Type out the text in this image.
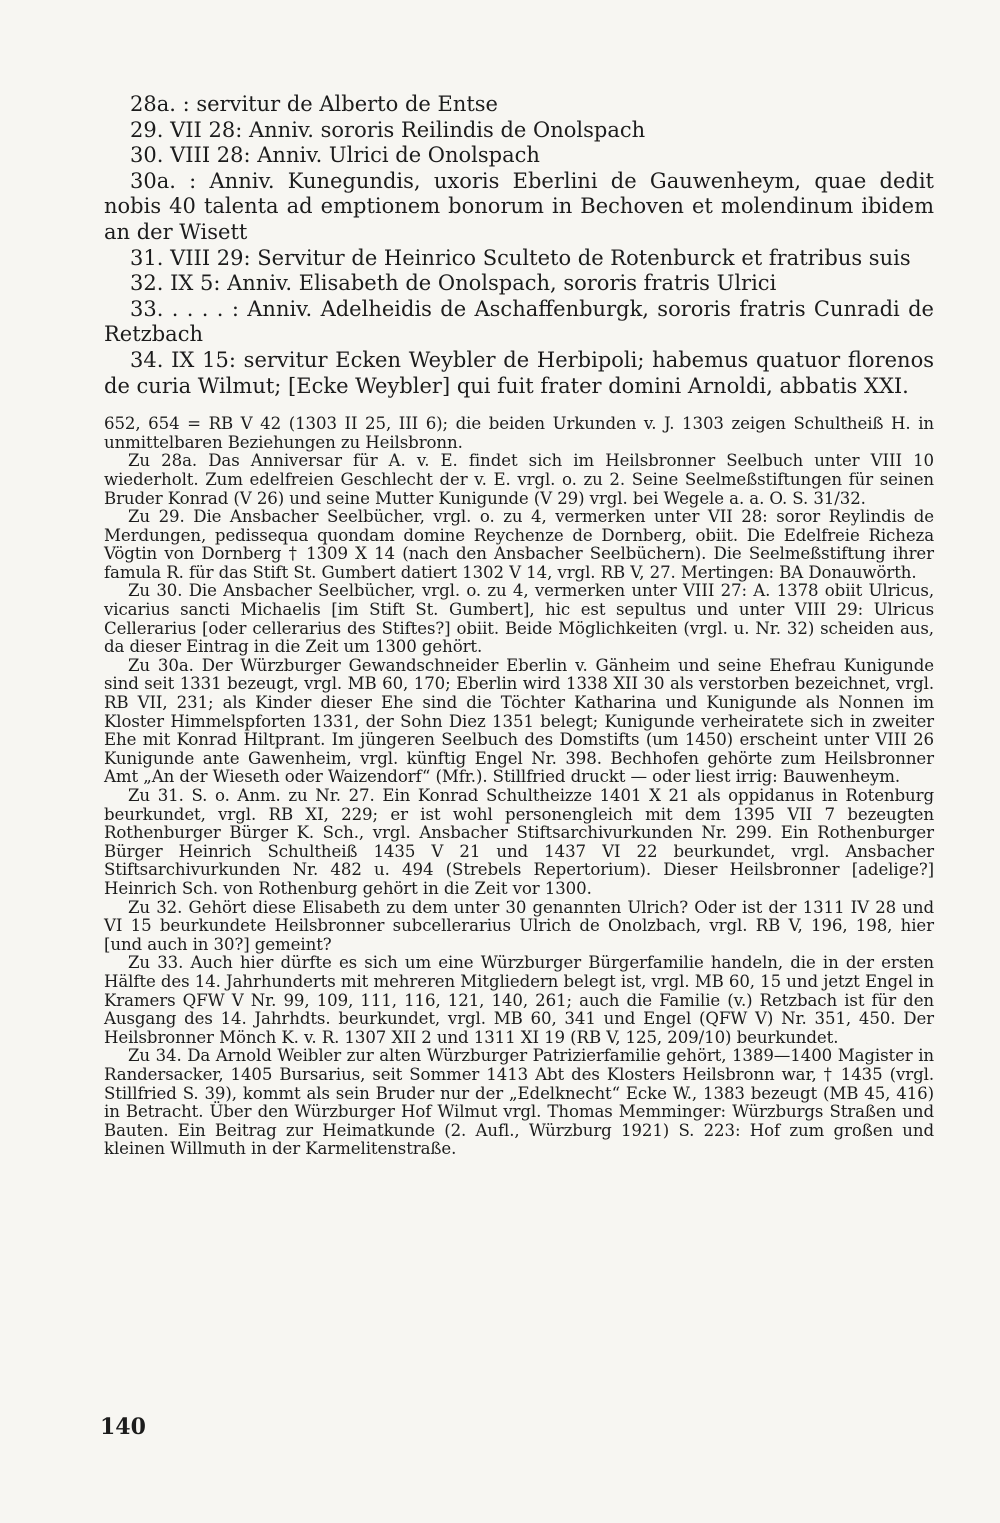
28a. : servitur de Alberto de Entse

29. VII 28: Anniv. sororis Reilindis de Onolspach

30. VIII 28: Anniv. Ulrici de Onolspach

30a. : Anniv. Kunegundis, uxoris Eberlini de Gauwenheym, quae dedit nobis 40 talenta ad emptionem bonorum in Bechoven et molendinum ibidem an der Wisett

31. VIII 29: Servitur de Heinrico Sculteto de Rotenburck et fratribus suis

32. IX 5: Anniv. Elisabeth de Onolspach, sororis fratris Ulrici

33. . . . . : Anniv. Adelheidis de Aschaffenburgk, sororis fratris Cunradi de Retzbach

34. IX 15: servitur Ecken Weybler de Herbipoli; habemus quatuor florenos de curia Wilmut; [Ecke Weybler] qui fuit frater domini Arnoldi, abbatis XXI.

652, 654 = RB V 42 (1303 II 25, III 6); die beiden Urkunden v. J. 1303 zeigen Schultheiß H. in unmittelbaren Beziehungen zu Heilsbronn.

Zu 28a. Das Anniversar für A. v. E. findet sich im Heilsbronner Seelbuch unter VIII 10 wiederholt. Zum edelfreien Geschlecht der v. E. vrgl. o. zu 2. Seine Seelmeßstiftungen für seinen Bruder Konrad (V 26) und seine Mutter Kunigunde (V 29) vrgl. bei Wegele a. a. O. S. 31/32.

Zu 29. Die Ansbacher Seelbücher, vrgl. o. zu 4, vermerken unter VII 28: soror Reylindis de Merdungen, pedissequa quondam domine Reychenze de Dornberg, obiit. Die Edelfreie Richeza Vögtin von Dornberg † 1309 X 14 (nach den Ansbacher Seelbüchern). Die Seelmeßstiftung ihrer famula R. für das Stift St. Gumbert datiert 1302 V 14, vrgl. RB V, 27. Mertingen: BA Donauwörth.

Zu 30. Die Ansbacher Seelbücher, vrgl. o. zu 4, vermerken unter VIII 27: A. 1378 obiit Ulricus, vicarius sancti Michaelis [im Stift St. Gumbert], hic est sepultus und unter VIII 29: Ulricus Cellerarius [oder cellerarius des Stiftes?] obiit. Beide Möglichkeiten (vrgl. u. Nr. 32) scheiden aus, da dieser Eintrag in die Zeit um 1300 gehört.

Zu 30a. Der Würzburger Gewandschneider Eberlin v. Gänheim und seine Ehefrau Kunigunde sind seit 1331 bezeugt, vrgl. MB 60, 170; Eberlin wird 1338 XII 30 als verstorben bezeichnet, vrgl. RB VII, 231; als Kinder dieser Ehe sind die Töchter Katharina und Kunigunde als Nonnen im Kloster Himmelspforten 1331, der Sohn Diez 1351 belegt; Kunigunde verheiratete sich in zweiter Ehe mit Konrad Hiltprant. Im jüngeren Seelbuch des Domstifts (um 1450) erscheint unter VIII 26 Kunigunde ante Gawenheim, vrgl. künftig Engel Nr. 398. Bechhofen gehörte zum Heilsbronner Amt „An der Wieseth oder Waizendorf“ (Mfr.). Stillfried druckt — oder liest irrig: Bauwenheym.

Zu 31. S. o. Anm. zu Nr. 27. Ein Konrad Schultheizze 1401 X 21 als oppidanus in Rotenburg beurkundet, vrgl. RB XI, 229; er ist wohl personengleich mit dem 1395 VII 7 bezeugten Rothenburger Bürger K. Sch., vrgl. Ansbacher Stiftsarchivurkunden Nr. 299. Ein Rothenburger Bürger Heinrich Schultheiß 1435 V 21 und 1437 VI 22 beurkundet, vrgl. Ansbacher Stiftsarchivurkunden Nr. 482 u. 494 (Strebels Repertorium). Dieser Heilsbronner [adelige?] Heinrich Sch. von Rothenburg gehört in die Zeit vor 1300.

Zu 32. Gehört diese Elisabeth zu dem unter 30 genannten Ulrich? Oder ist der 1311 IV 28 und VI 15 beurkundete Heilsbronner subcellerarius Ulrich de Onolzbach, vrgl. RB V, 196, 198, hier [und auch in 30?] gemeint?

Zu 33. Auch hier dürfte es sich um eine Würzburger Bürgerfamilie handeln, die in der ersten Hälfte des 14. Jahrhunderts mit mehreren Mitgliedern belegt ist, vrgl. MB 60, 15 und jetzt Engel in Kramers QFW V Nr. 99, 109, 111, 116, 121, 140, 261; auch die Familie (v.) Retzbach ist für den Ausgang des 14. Jahrhdts. beurkundet, vrgl. MB 60, 341 und Engel (QFW V) Nr. 351, 450. Der Heilsbronner Mönch K. v. R. 1307 XII 2 und 1311 XI 19 (RB V, 125, 209/10) beurkundet.

Zu 34. Da Arnold Weibler zur alten Würzburger Patrizierfamilie gehört, 1389—1400 Magister in Randersacker, 1405 Bursarius, seit Sommer 1413 Abt des Klosters Heilsbronn war, † 1435 (vrgl. Stillfried S. 39), kommt als sein Bruder nur der „Edelknecht“ Ecke W., 1383 bezeugt (MB 45, 416) in Betracht. Über den Würzburger Hof Wilmut vrgl. Thomas Memminger: Würzburgs Straßen und Bauten. Ein Beitrag zur Heimatkunde (2. Aufl., Würzburg 1921) S. 223: Hof zum großen und kleinen Willmuth in der Karmelitenstraße.

140
